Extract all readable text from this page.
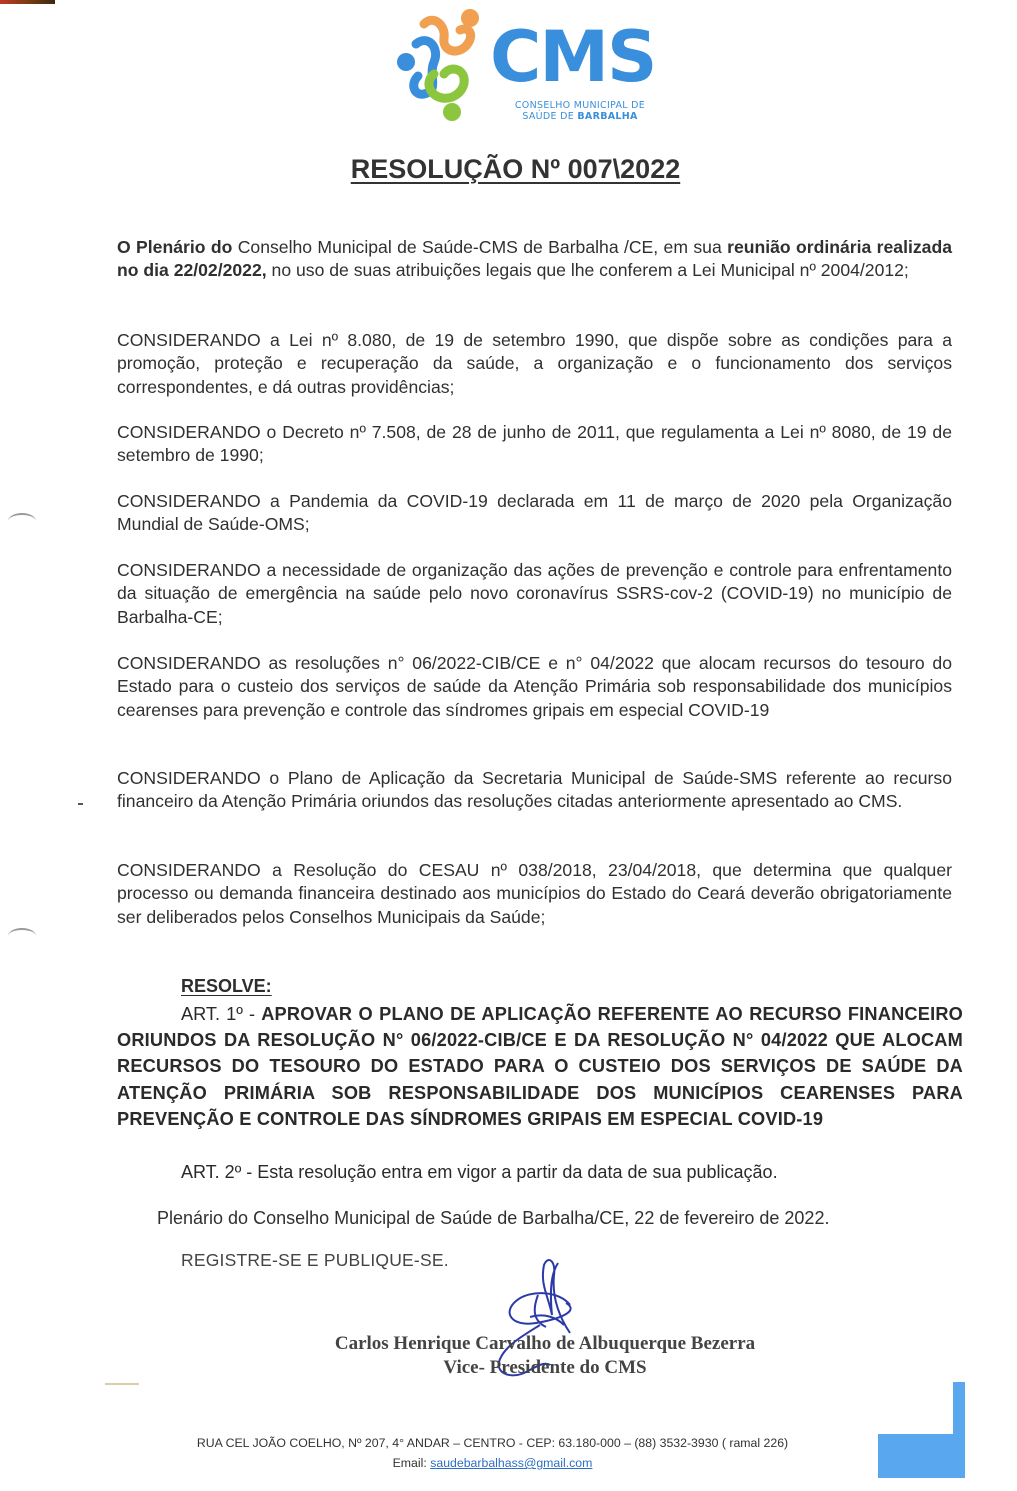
CMS
CONSELHO MUNICIPAL DE
SAÚDE DE BARBALHA
RESOLUÇÃO Nº 007\2022
O Plenário do Conselho Municipal de Saúde-CMS de Barbalha /CE, em sua reunião ordinária realizada no dia 22/02/2022, no uso de suas atribuições legais que lhe conferem a Lei Municipal nº 2004/2012;
CONSIDERANDO a Lei nº 8.080, de 19 de setembro 1990, que dispõe sobre as condições para a promoção, proteção e recuperação da saúde, a organização e o funcionamento dos serviços correspondentes, e dá outras providências;
CONSIDERANDO o Decreto nº 7.508, de 28 de junho de 2011, que regulamenta a Lei nº 8080, de 19 de setembro de 1990;
CONSIDERANDO a Pandemia da COVID-19 declarada em 11 de março de 2020 pela Organização Mundial de Saúde-OMS;
CONSIDERANDO a necessidade de organização das ações de prevenção e controle para enfrentamento da situação de emergência na saúde pelo novo coronavírus SSRS-cov-2 (COVID-19) no município de Barbalha-CE;
CONSIDERANDO as resoluções n° 06/2022-CIB/CE e n° 04/2022 que alocam recursos do tesouro do Estado para o custeio dos serviços de saúde da Atenção Primária sob responsabilidade dos municípios cearenses para prevenção e controle das síndromes gripais em especial COVID-19
CONSIDERANDO o Plano de Aplicação da Secretaria Municipal de Saúde-SMS referente ao recurso financeiro da Atenção Primária oriundos das resoluções citadas anteriormente apresentado ao CMS.
CONSIDERANDO a Resolução do CESAU nº 038/2018, 23/04/2018, que determina que qualquer processo ou demanda financeira destinado aos municípios do Estado do Ceará deverão obrigatoriamente ser deliberados pelos Conselhos Municipais da Saúde;
RESOLVE:
ART. 1º - APROVAR O PLANO DE APLICAÇÃO REFERENTE AO RECURSO FINANCEIRO ORIUNDOS DA RESOLUÇÃO N° 06/2022-CIB/CE E DA RESOLUÇÃO N° 04/2022 QUE ALOCAM RECURSOS DO TESOURO DO ESTADO PARA O CUSTEIO DOS SERVIÇOS DE SAÚDE DA ATENÇÃO PRIMÁRIA SOB RESPONSABILIDADE DOS MUNICÍPIOS CEARENSES PARA PREVENÇÃO E CONTROLE DAS SÍNDROMES GRIPAIS EM ESPECIAL COVID-19
ART. 2º - Esta resolução entra em vigor a partir da data de sua publicação.
Plenário do Conselho Municipal de Saúde de Barbalha/CE, 22 de fevereiro de 2022.
REGISTRE-SE E PUBLIQUE-SE.
Carlos Henrique Carvalho de Albuquerque Bezerra
Vice- Presidente do CMS
RUA CEL JOÃO COELHO, Nº 207, 4° ANDAR – CENTRO - CEP: 63.180-000 – (88) 3532-3930 ( ramal 226)
Email: saudebarbalhass@gmail.com
